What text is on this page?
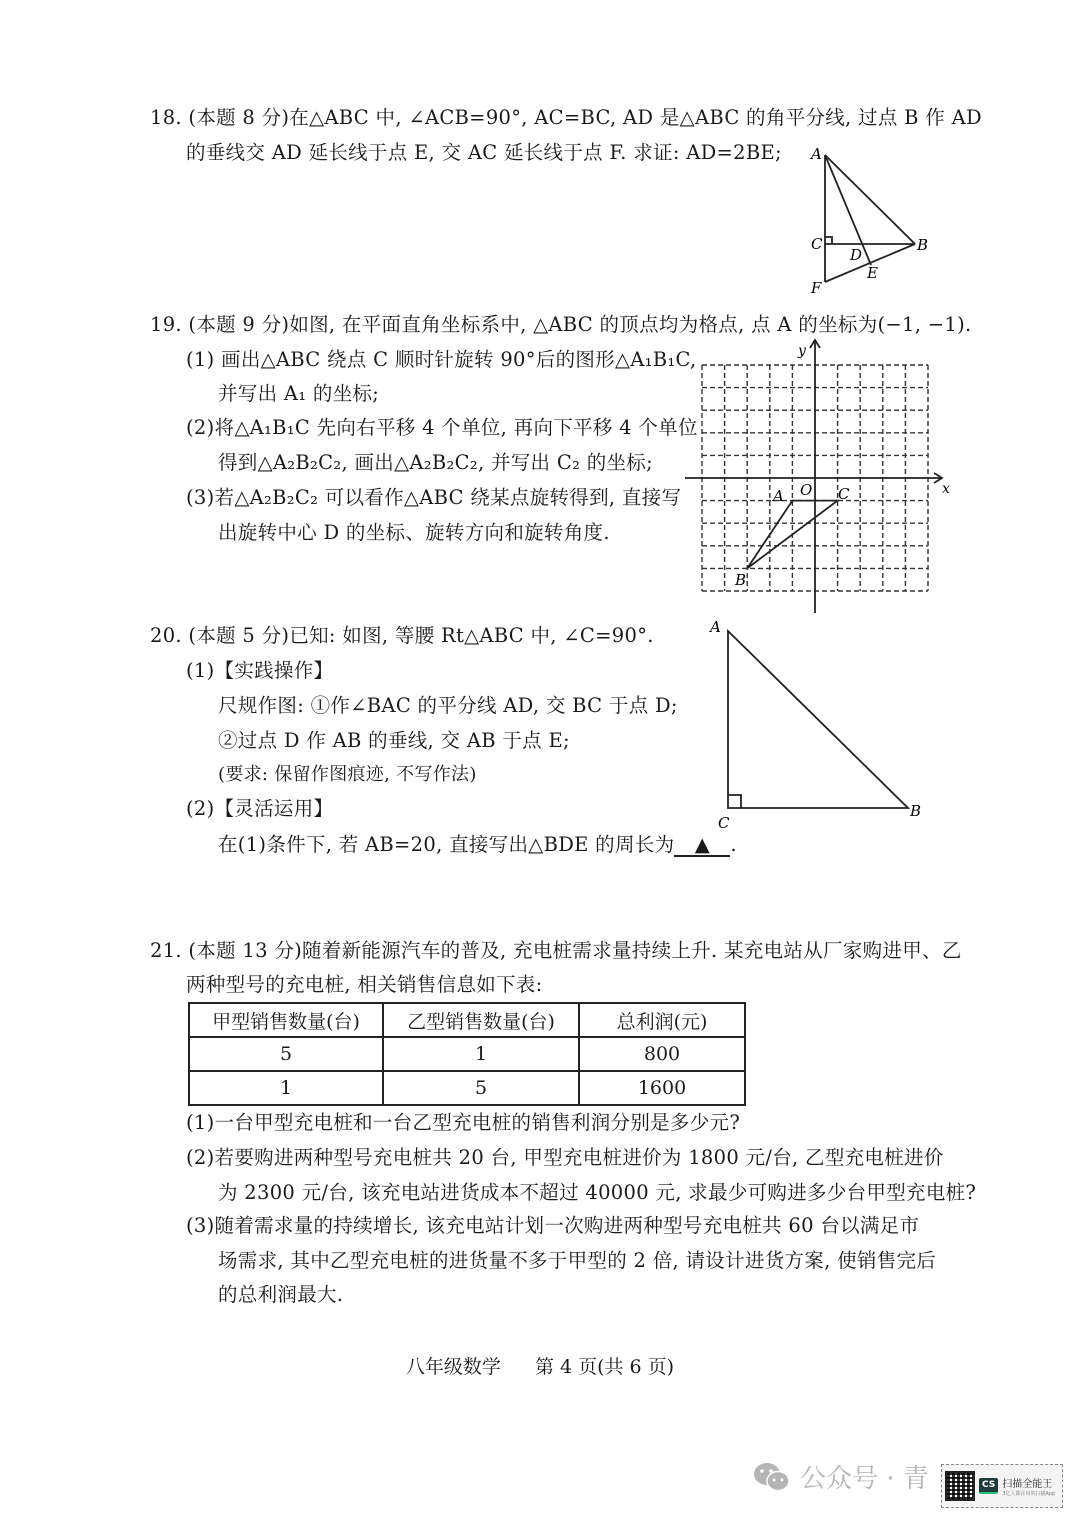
18. (本题 8 分)在△ABC 中, ∠ACB=90°, AC=BC, AD 是△ABC 的角平分线, 过点 B 作 AD
的垂线交 AD 延长线于点 E, 交 AC 延长线于点 F. 求证: AD=2BE; A
C	B
D
E
F
19. (本题 9 分)如图, 在平面直角坐标系中, △ABC 的顶点均为格点, 点 A 的坐标为(−1, −1).
(1) 画出△ABC 绕点 C 顺时针旋转 90°后的图形△A₁B₁C,
并写出 A₁ 的坐标;
(2)将△A₁B₁C 先向右平移 4 个单位, 再向下平移 4 个单位
得到△A₂B₂C₂, 画出△A₂B₂C₂, 并写出 C₂ 的坐标;
(3)若△A₂B₂C₂ 可以看作△ABC 绕某点旋转得到, 直接写
出旋转中心 D 的坐标、旋转方向和旋转角度.
x
y
O
A
B
C
20. (本题 5 分)已知: 如图, 等腰 Rt△ABC 中, ∠C=90°.
(1)【实践操作】
尺规作图: ①作∠BAC 的平分线 AD, 交 BC 于点 D;
②过点 D 作 AB 的垂线, 交 AB 于点 E;
(要求: 保留作图痕迹, 不写作法)
(2)【灵活运用】
在(1)条件下, 若 AB=20, 直接写出△BDE 的周长为 ▲ .
A
B
C
21. (本题 13 分)随着新能源汽车的普及, 充电桩需求量持续上升. 某充电站从厂家购进甲、乙
两种型号的充电桩, 相关销售信息如下表:
甲型销售数量(台)	乙型销售数量(台)	总利润(元)
5	1	800
1	5	1600
(1)一台甲型充电桩和一台乙型充电桩的销售利润分别是多少元?
(2)若要购进两种型号充电桩共 20 台, 甲型充电桩进价为 1800 元/台, 乙型充电桩进价
为 2300 元/台, 该充电站进货成本不超过 40000 元, 求最少可购进多少台甲型充电桩?
(3)随着需求量的持续增长, 该充电站计划一次购进两种型号充电桩共 60 台以满足市
场需求, 其中乙型充电桩的进货量不多于甲型的 2 倍, 请设计进货方案, 使销售完后
的总利润最大.
八年级数学 第 4 页(共 6 页)
公众号 · 青	CS 扫描全能王
3亿人都在用的扫描App
